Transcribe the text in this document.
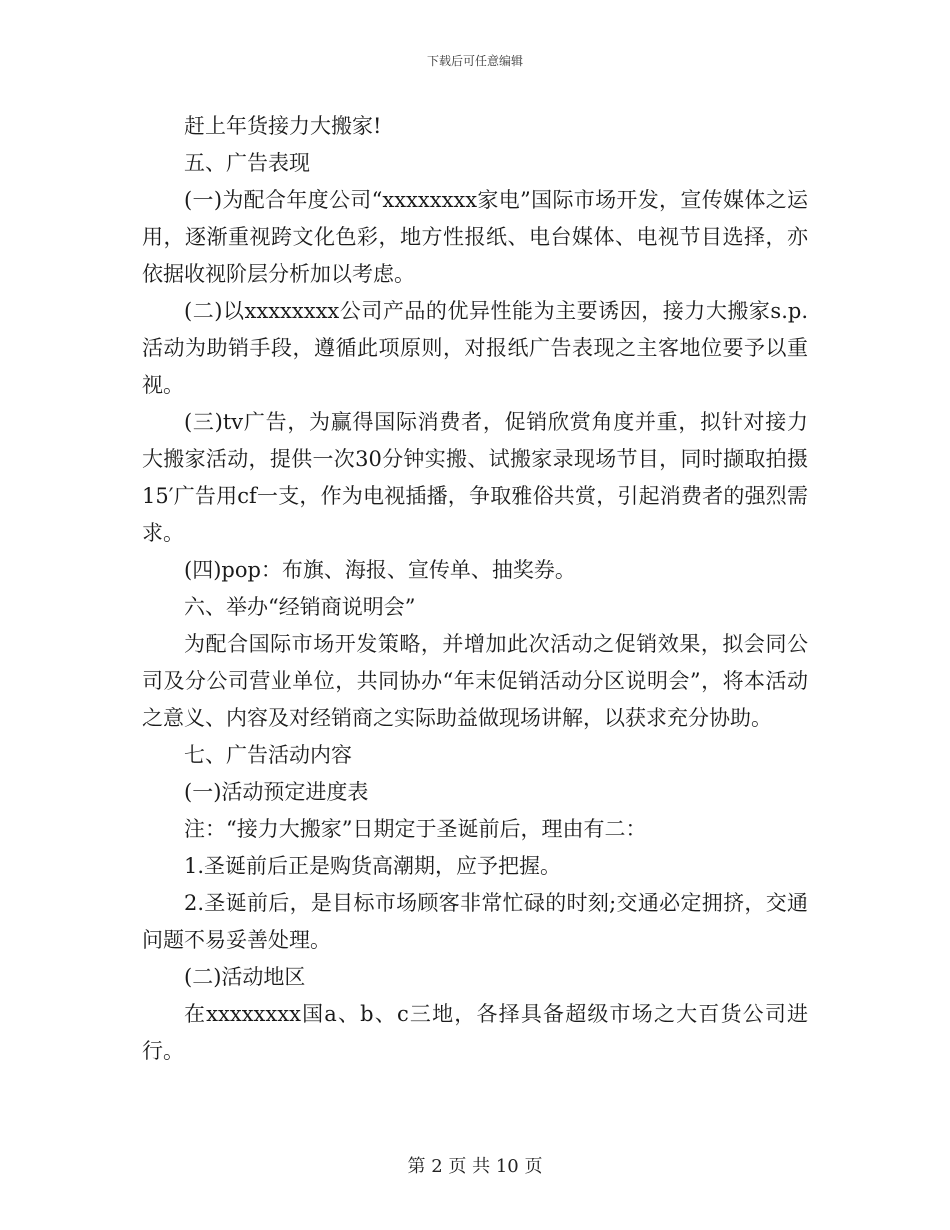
下载后可任意编辑

赶上年货接力大搬家!

五、广告表现

(一)为配合年度公司“xxxxxxxx家电”国际市场开发，宣传媒体之运用，逐渐重视跨文化色彩，地方性报纸、电台媒体、电视节目选择，亦依据收视阶层分析加以考虑。

(二)以xxxxxxxx公司产品的优异性能为主要诱因，接力大搬家s.p.活动为助销手段，遵循此项原则，对报纸广告表现之主客地位要予以重视。

(三)tv广告，为赢得国际消费者，促销欣赏角度并重，拟针对接力大搬家活动，提供一次30分钟实搬、试搬家录现场节目，同时撷取拍摄15′广告用cf一支，作为电视插播，争取雅俗共赏，引起消费者的强烈需求。

(四)pop：布旗、海报、宣传单、抽奖券。

六、举办“经销商说明会”

为配合国际市场开发策略，并增加此次活动之促销效果，拟会同公司及分公司营业单位，共同协办“年末促销活动分区说明会”，将本活动之意义、内容及对经销商之实际助益做现场讲解，以获求充分协助。

七、广告活动内容

(一)活动预定进度表

注：“接力大搬家”日期定于圣诞前后，理由有二：

1.圣诞前后正是购货高潮期，应予把握。

2.圣诞前后，是目标市场顾客非常忙碌的时刻;交通必定拥挤，交通问题不易妥善处理。

(二)活动地区

在xxxxxxxx国a、b、c三地，各择具备超级市场之大百货公司进行。

第 2 页 共 10 页
